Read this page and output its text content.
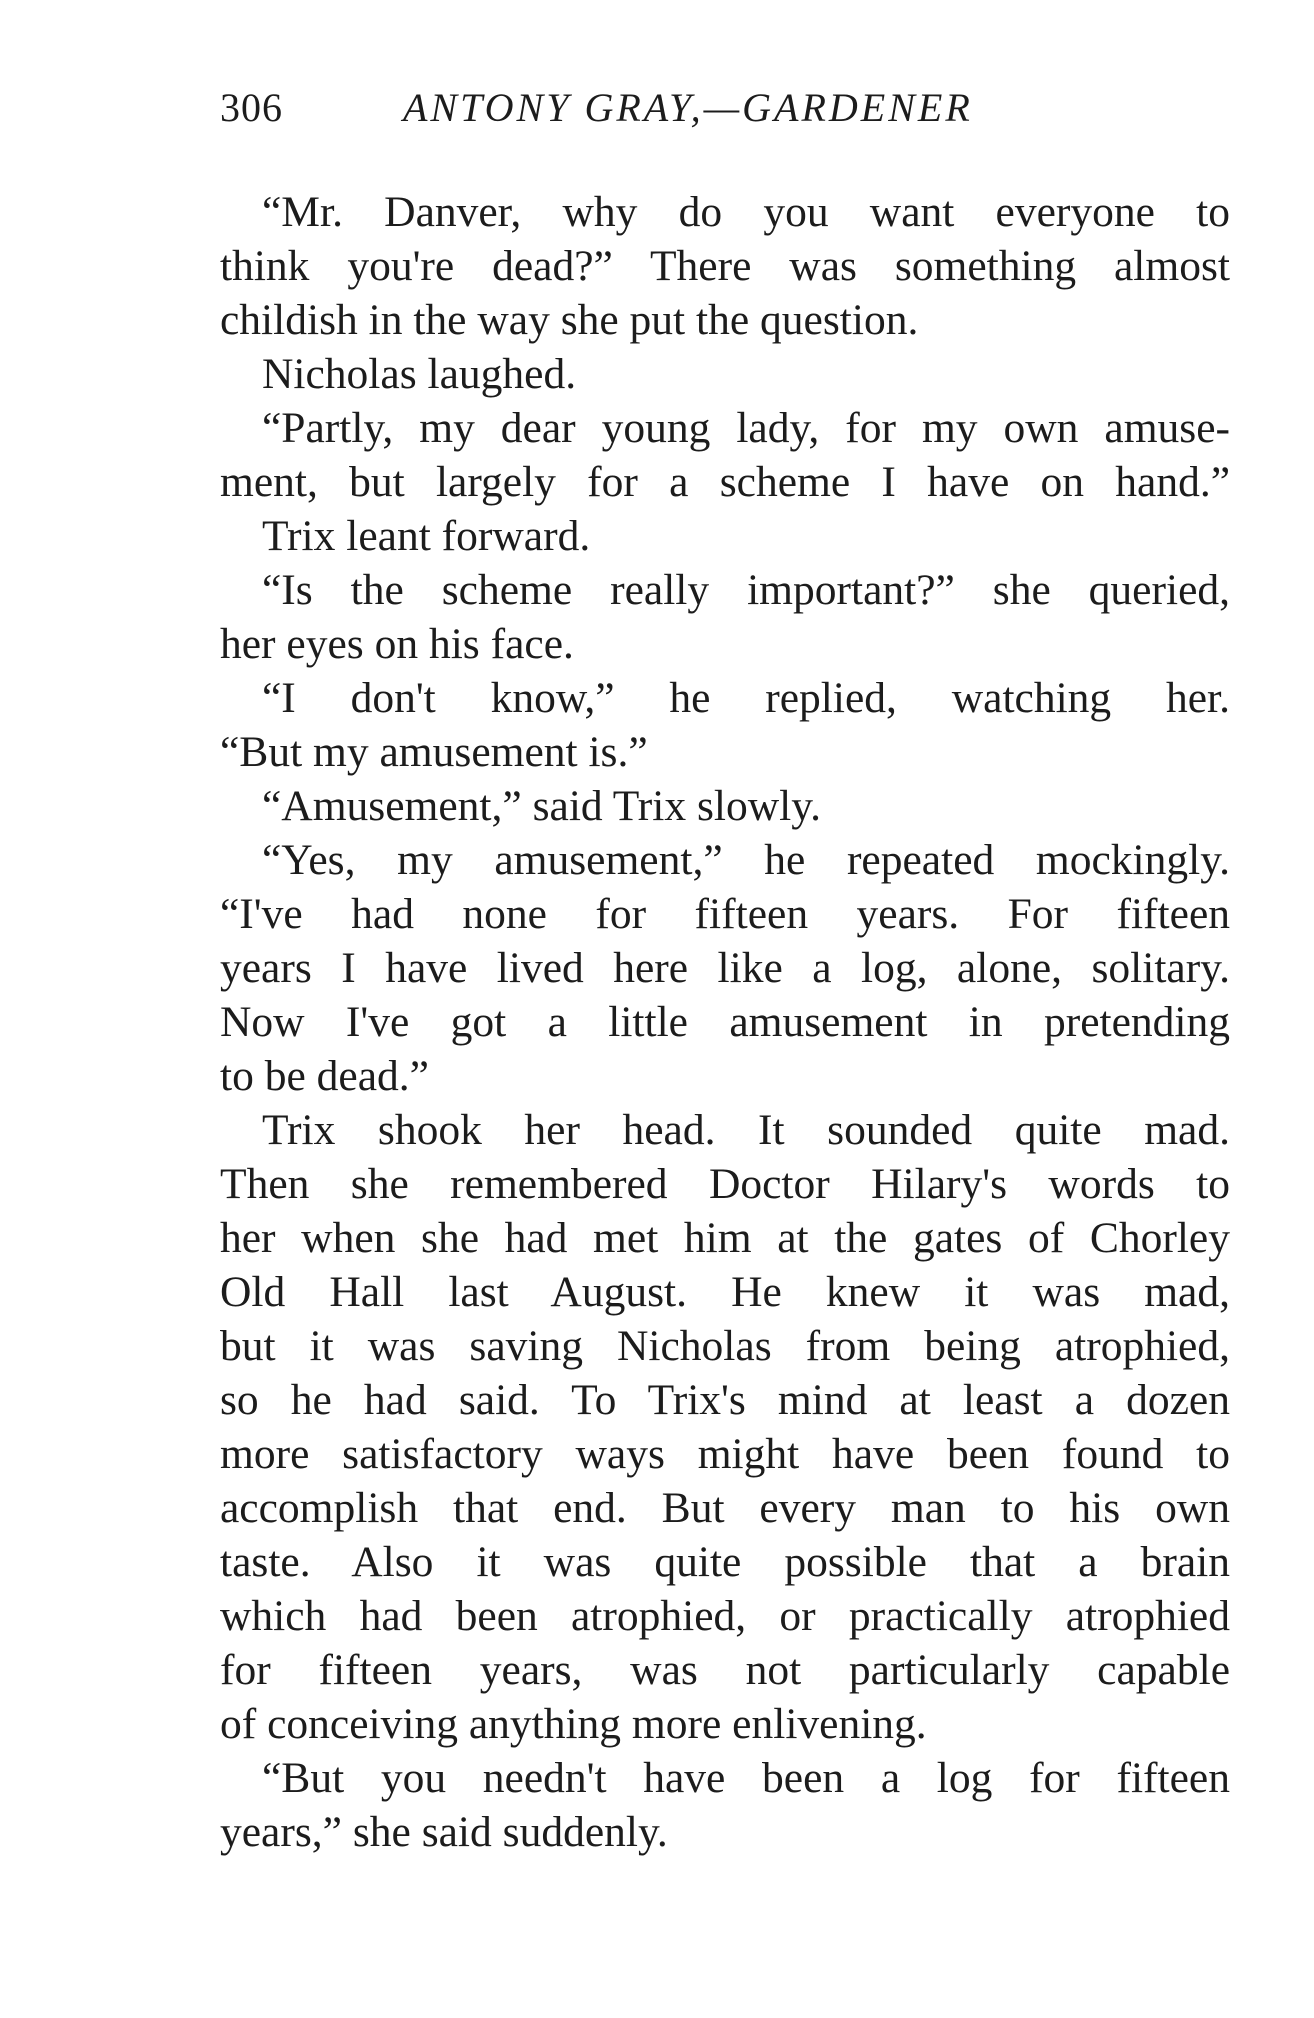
306	ANTONY GRAY,—GARDENER
“Mr. Danver, why do you want everyone to
think you're dead?” There was something almost
childish in the way she put the question.
Nicholas laughed.
“Partly, my dear young lady, for my own amuse-
ment, but largely for a scheme I have on hand.”
Trix leant forward.
“Is the scheme really important?” she queried,
her eyes on his face.
“I don't know,” he replied, watching her.
“But my amusement is.”
“Amusement,” said Trix slowly.
“Yes, my amusement,” he repeated mockingly.
“I've had none for fifteen years. For fifteen
years I have lived here like a log, alone, solitary.
Now I've got a little amusement in pretending
to be dead.”
Trix shook her head. It sounded quite mad.
Then she remembered Doctor Hilary's words to
her when she had met him at the gates of Chorley
Old Hall last August. He knew it was mad,
but it was saving Nicholas from being atrophied,
so he had said. To Trix's mind at least a dozen
more satisfactory ways might have been found to
accomplish that end. But every man to his own
taste. Also it was quite possible that a brain
which had been atrophied, or practically atrophied
for fifteen years, was not particularly capable
of conceiving anything more enlivening.
“But you needn't have been a log for fifteen
years,” she said suddenly.
